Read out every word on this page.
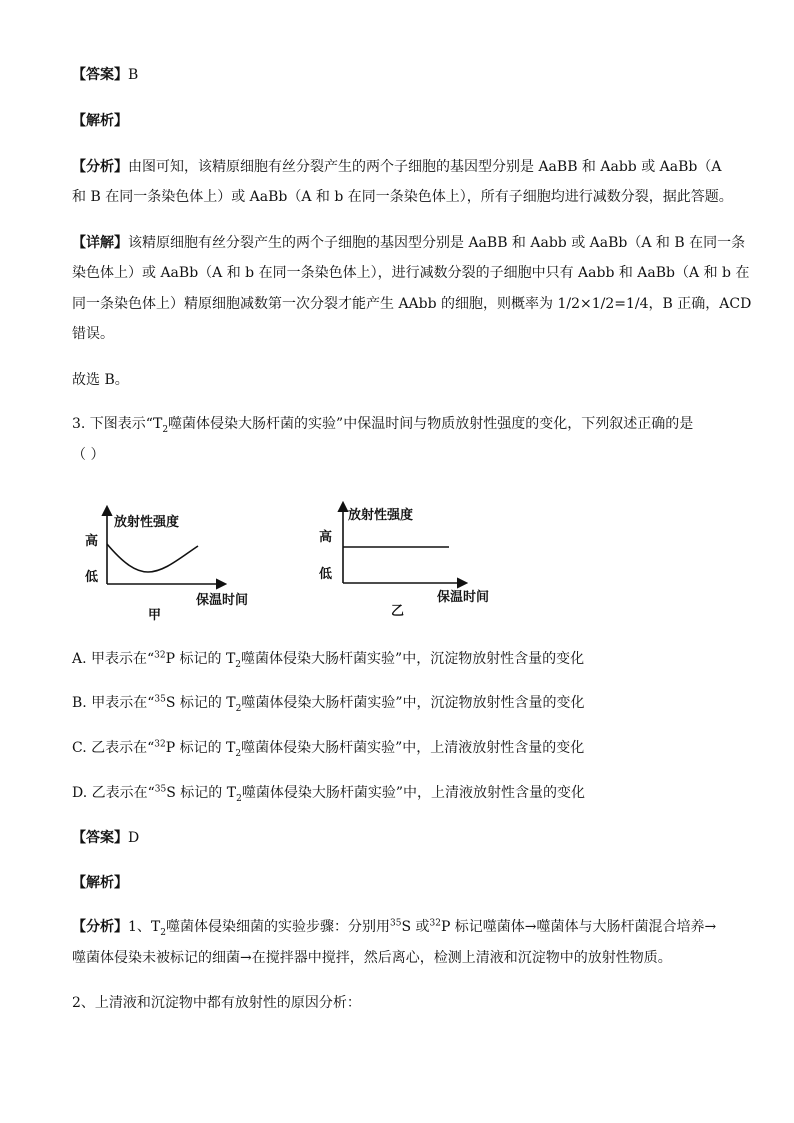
【答案】B
【解析】
【分析】由图可知，该精原细胞有丝分裂产生的两个子细胞的基因型分别是 AaBB 和 Aabb 或 AaBb（A
和 B 在同一条染色体上）或 AaBb（A 和 b 在同一条染色体上），所有子细胞均进行减数分裂，据此答题。
【详解】该精原细胞有丝分裂产生的两个子细胞的基因型分别是 AaBB 和 Aabb 或 AaBb（A 和 B 在同一条
染色体上）或 AaBb（A 和 b 在同一条染色体上），进行减数分裂的子细胞中只有 Aabb 和 AaBb（A 和 b 在
同一条染色体上）精原细胞减数第一次分裂才能产生 AAbb 的细胞，则概率为 1/2×1/2=1/4，B 正确，ACD
错误。
故选 B。
3. 下图表示“$T_2$噬菌体侵染大肠杆菌的实验”中保温时间与物质放射性强度的变化，下列叙述正确的是
（ ）
放射性强度
高
低
保温时间
甲
放射性强度
高
低
保温时间
乙
A. 甲表示在“$^{32}$P 标记的 $T_2$噬菌体侵染大肠杆菌实验”中，沉淀物放射性含量的变化
B. 甲表示在“$^{35}$S 标记的 $T_2$噬菌体侵染大肠杆菌实验”中，沉淀物放射性含量的变化
C. 乙表示在“$^{32}$P 标记的 $T_2$噬菌体侵染大肠杆菌实验”中，上清液放射性含量的变化
D. 乙表示在“$^{35}$S 标记的 $T_2$噬菌体侵染大肠杆菌实验”中，上清液放射性含量的变化
【答案】D
【解析】
【分析】1、$T_2$噬菌体侵染细菌的实验步骤：分别用$^{35}$S 或$^{32}$P 标记噬菌体→噬菌体与大肠杆菌混合培养→
噬菌体侵染未被标记的细菌→在搅拌器中搅拌，然后离心，检测上清液和沉淀物中的放射性物质。
2、上清液和沉淀物中都有放射性的原因分析：
